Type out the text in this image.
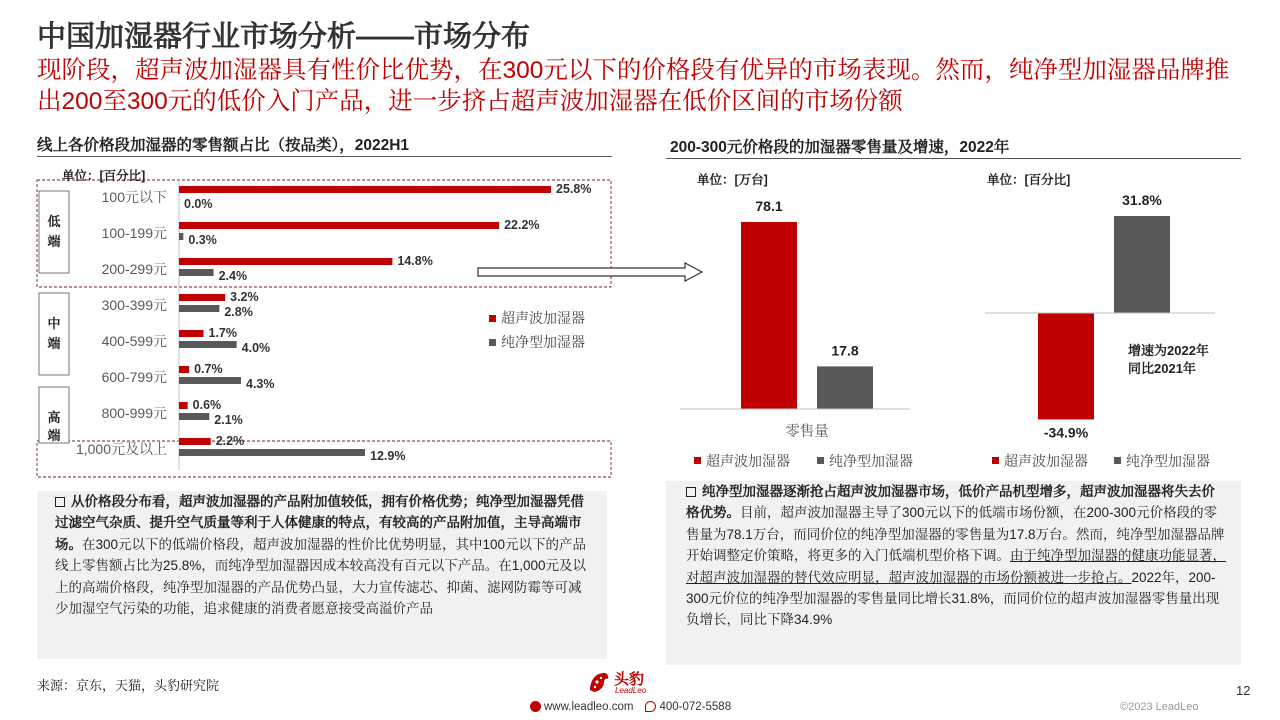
中国加湿器行业市场分析——市场分布
现阶段，超声波加湿器具有性价比优势，在300元以下的价格段有优异的市场表现。然而，纯净型加湿器品牌推出200至300元的低价入门产品，进一步挤占超声波加湿器在低价区间的市场份额
线上各价格段加湿器的零售额占比（按品类），2022H1
单位：[百分比]
200-300元价格段的加湿器零售量及增速，2022年
单位：[万台]	单位：[百分比]
低
端
中
端
高
端
100元以下	25.8%
0.0%
100-199元	22.2%
0.3%
200-299元	14.8%
2.4%
300-399元	3.2%
2.8%
400-599元	1.7%
4.0%
600-799元 0.7%
4.3%
800-999元 0.6%
2.1%
1,000元及以上	2.2%
12.9%
超声波加湿器
纯净型加湿器
78.1
17.8
零售量
超声波加湿器	纯净型加湿器
-34.9%
31.8%
超声波加湿器	纯净型加湿器
增速为2022年
同比2021年
从价格段分布看，超声波加湿器的产品附加值较低，拥有价格优势；纯净型加湿器凭借过滤空气杂质、提升空气质量等利于人体健康的特点，有较高的产品附加值，主导高端市场。在300元以下的低端价格段，超声波加湿器的性价比优势明显，其中100元以下的产品线上零售额占比为25.8%，而纯净型加湿器因成本较高没有百元以下产品。在1,000元及以上的高端价格段，纯净型加湿器的产品优势凸显，大力宣传滤芯、抑菌、滤网防霉等可减少加湿空气污染的功能，追求健康的消费者愿意接受高溢价产品
纯净型加湿器逐渐抢占超声波加湿器市场，低价产品机型增多，超声波加湿器将失去价格优势。目前，超声波加湿器主导了300元以下的低端市场份额，在200-300元价格段的零售量为78.1万台，而同价位的纯净型加湿器的零售量为17.8万台。然而，纯净型加湿器品牌开始调整定价策略，将更多的入门低端机型价格下调。由于纯净型加湿器的健康功能显著，对超声波加湿器的替代效应明显，超声波加湿器的市场份额被进一步抢占。2022年，200-300元价位的纯净型加湿器的零售量同比增长31.8%，而同价位的超声波加湿器零售量出现负增长，同比下降34.9%
来源：京东，天猫，头豹研究院	12
©2023 LeadLeo
头豹
LeadLeo
www.leadleo.com 400-072-5588
